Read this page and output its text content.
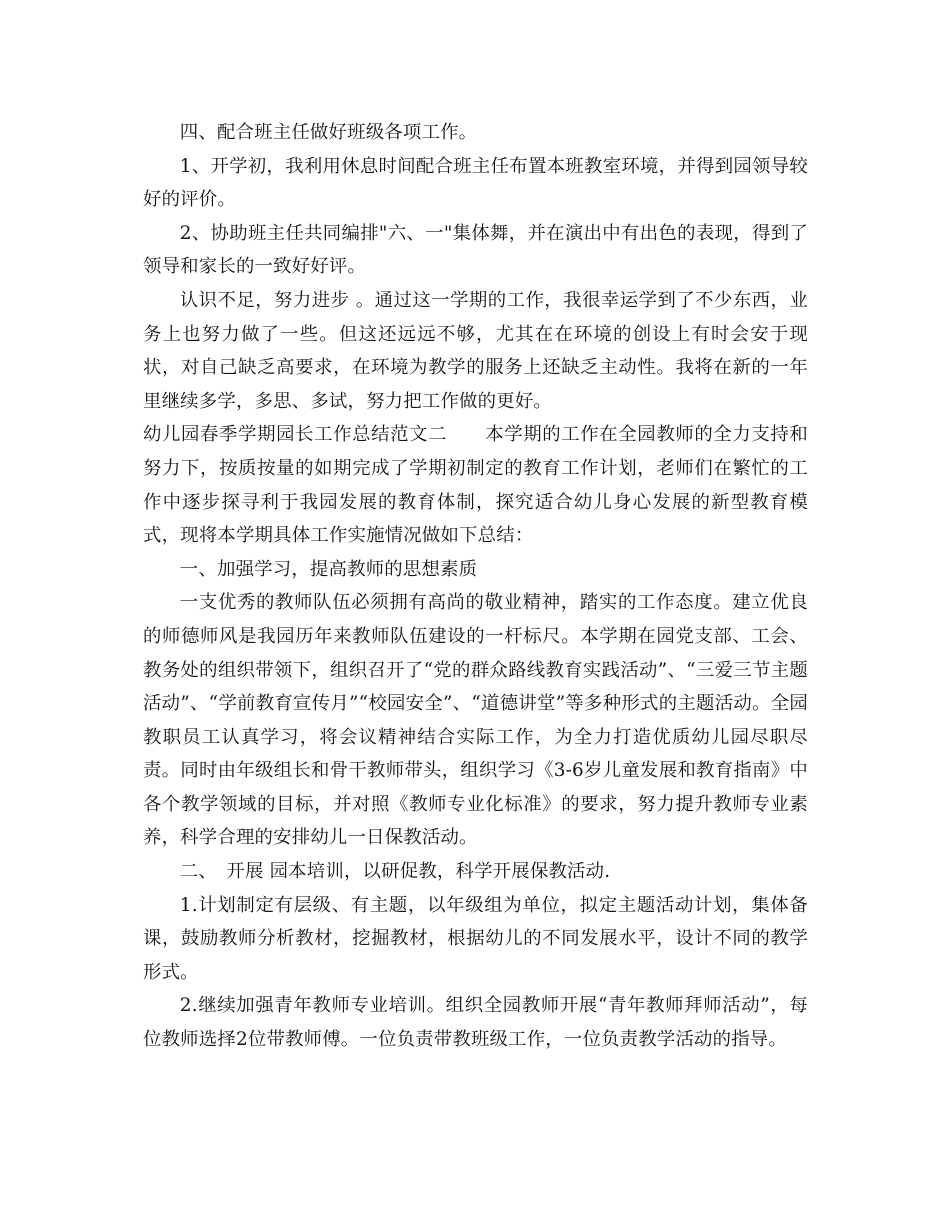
四、配合班主任做好班级各项工作。

1、开学初，我利用休息时间配合班主任布置本班教室环境，并得到园领导较好的评价。

2、协助班主任共同编排"六、一"集体舞，并在演出中有出色的表现，得到了领导和家长的一致好好评。

认识不足，努力进步 。通过这一学期的工作，我很幸运学到了不少东西，业务上也努力做了一些。但这还远远不够，尤其在在环境的创设上有时会安于现状，对自己缺乏高要求，在环境为教学的服务上还缺乏主动性。我将在新的一年里继续多学，多思、多试，努力把工作做的更好。

幼儿园春季学期园长工作总结范文二　　本学期的工作在全园教师的全力支持和努力下，按质按量的如期完成了学期初制定的教育工作计划，老师们在繁忙的工作中逐步探寻利于我园发展的教育体制，探究适合幼儿身心发展的新型教育模式，现将本学期具体工作实施情况做如下总结：

一、加强学习，提高教师的思想素质

一支优秀的教师队伍必须拥有高尚的敬业精神，踏实的工作态度。建立优良的师德师风是我园历年来教师队伍建设的一杆标尺。本学期在园党支部、工会、教务处的组织带领下，组织召开了“党的群众路线教育实践活动”、“三爱三节主题活动”、“学前教育宣传月”“校园安全”、“道德讲堂”等多种形式的主题活动。全园教职员工认真学习，将会议精神结合实际工作，为全力打造优质幼儿园尽职尽责。同时由年级组长和骨干教师带头，组织学习《3-6岁儿童发展和教育指南》中各个教学领域的目标，并对照《教师专业化标准》的要求，努力提升教师专业素养，科学合理的安排幼儿一日保教活动。

二、　开展 园本培训，以研促教，科学开展保教活动.

1.计划制定有层级、有主题，以年级组为单位，拟定主题活动计划，集体备课，鼓励教师分析教材，挖掘教材，根据幼儿的不同发展水平，设计不同的教学形式。

2.继续加强青年教师专业培训。组织全园教师开展“青年教师拜师活动”，每位教师选择2位带教师傅。一位负责带教班级工作，一位负责教学活动的指导。
